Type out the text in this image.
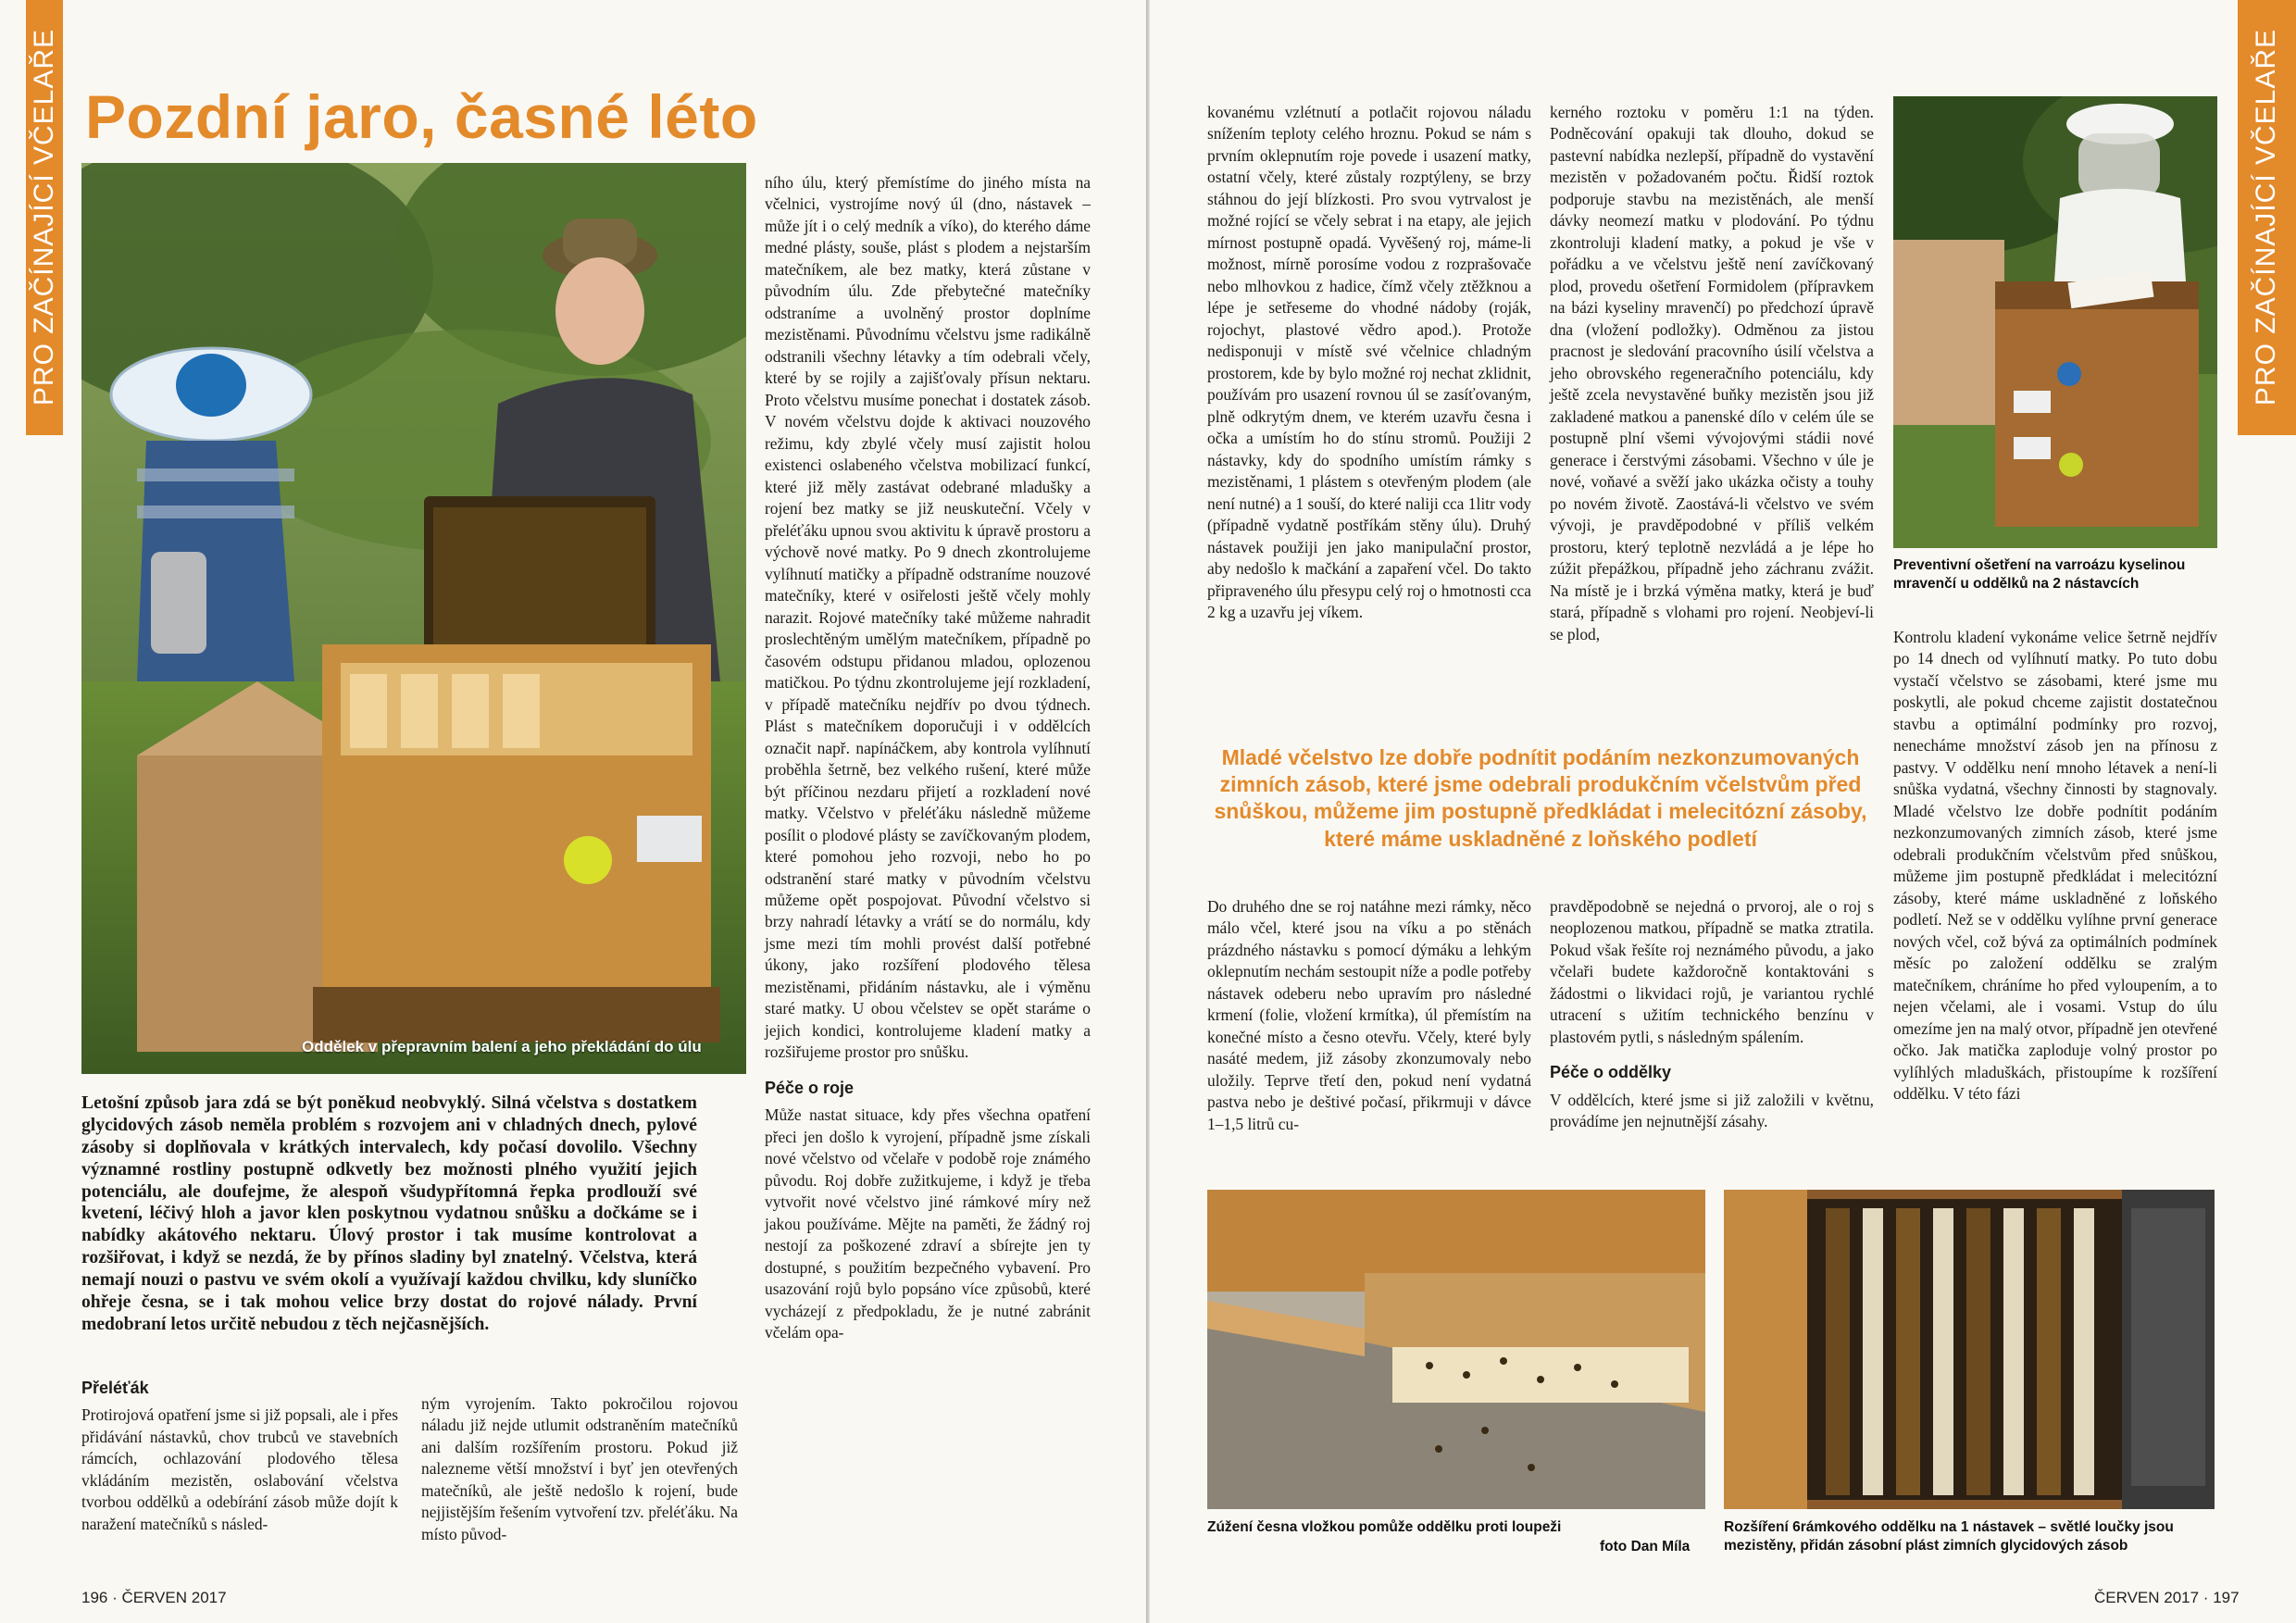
PRO ZAČÍNAJÍCÍ VČELAŘE Pozdní jaro, časné léto
Oddělek v přepravním balení a jeho překládání do úlu
Letošní způsob jara zdá se být poněkud neobvyklý. Silná včelstva s dostatkem glycidových zásob neměla problém s rozvojem ani v chladných dnech, pylové zásoby si doplňovala v krátkých intervalech, kdy počasí dovolilo. Všechny významné rostliny postupně odkvetly bez možnosti plného využití jejich potenciálu, ale doufejme, že alespoň všudypřítomná řepka prodlouží své kvetení, léčivý hloh a javor klen poskytnou vydatnou snůšku a dočkáme se i nabídky akátového nektaru. Úlový prostor i tak musíme kontrolovat a rozšiřovat, i když se nezdá, že by přínos sladiny byl znatelný. Včelstva, která nemají nouzi o pastvu ve svém okolí a využívají každou chvilku, kdy sluníčko ohřeje česna, se i tak mohou velice brzy dostat do rojové nálady. První medobraní letos určitě nebudou z těch nejčasnějších.
Přeléťák

Protirojová opatření jsme si již popsali, ale i přes přidávání nástavků, chov trubců ve stavebních rámcích, ochlazování plodového tělesa vkládáním mezistěn, oslabování včelstva tvorbou oddělků a odebírání zásob může dojít k naražení matečníků s násled-

ným vyrojením. Takto pokročilou rojovou náladu již nejde utlumit odstraněním matečníků ani dalším rozšířením prostoru. Pokud již nalezneme větší množství i byť jen otevřených matečníků, ale ještě nedošlo k rojení, bude nejjistějším řešením vytvoření tzv. přeléťáku. Na místo původ-

ního úlu, který přemístíme do jiného místa na včelnici, vystrojíme nový úl (dno, nástavek – může jít i o celý medník a víko), do kterého dáme medné plásty, souše, plást s plodem a nejstarším matečníkem, ale bez matky, která zůstane v původním úlu. Zde přebytečné matečníky odstraníme a uvolněný prostor doplníme mezistěnami. Původnímu včelstvu jsme radikálně odstranili všechny létavky a tím odebrali včely, které by se rojily a zajišťovaly přísun nektaru. Proto včelstvu musíme ponechat i dostatek zásob. V novém včelstvu dojde k aktivaci nouzového režimu, kdy zbylé včely musí zajistit holou existenci oslabeného včelstva mobilizací funkcí, které již měly zastávat odebrané mladušky a rojení bez matky se již neuskuteční. Včely v přeléťáku upnou svou aktivitu k úpravě prostoru a výchově nové matky. Po 9 dnech zkontrolujeme vylíhnutí matičky a případně odstraníme nouzové matečníky, které v osiřelosti ještě včely mohly narazit. Rojové matečníky také můžeme nahradit proslechtěným umělým matečníkem, případně po časovém odstupu přidanou mladou, oplozenou matičkou. Po týdnu zkontrolujeme její rozkladení, v případě matečníku nejdřív po dvou týdnech. Plást s matečníkem doporučuji i v oddělcích označit např. napínáčkem, aby kontrola vylíhnutí proběhla šetrně, bez velkého rušení, které může být příčinou nezdaru přijetí a rozkladení nové matky. Včelstvo v přeléťáku následně můžeme posílit o plodové plásty se zavíčkovaným plodem, které pomohou jeho rozvoji, nebo ho po odstranění staré matky v původním včelstvu můžeme opět pospojovat. Původní včelstvo si brzy nahradí létavky a vrátí se do normálu, kdy jsme mezi tím mohli provést další potřebné úkony, jako rozšíření plodového tělesa mezistěnami, přidáním nástavku, ale i výměnu staré matky. U obou včelstev se opět staráme o jejich kondici, kontrolujeme kladení matky a rozšiřujeme prostor pro snůšku.

Péče o roje

Může nastat situace, kdy přes všechna opatření přeci jen došlo k vyrojení, případně jsme získali nové včelstvo od včelaře v podobě roje známého původu. Roj dobře zužitkujeme, i když je třeba vytvořit nové včelstvo jiné rámkové míry než jakou používáme. Mějte na paměti, že žádný roj nestojí za poškozené zdraví a sbírejte jen ty dostupné, s použitím bezpečného vybavení. Pro usazování rojů bylo popsáno více způsobů, které vycházejí z předpokladu, že je nutné zabránit včelám opa-

196 · ČERVEN 2017
PRO ZAČÍNAJÍCÍ VČELAŘE

kovanému vzlétnutí a potlačit rojovou náladu snížením teploty celého hroznu. Pokud se nám s prvním oklepnutím roje povede i usazení matky, ostatní včely, které zůstaly rozptýleny, se brzy stáhnou do její blízkosti. Pro svou vytrvalost je možné rojící se včely sebrat i na etapy, ale jejich mírnost postupně opadá. Vyvěšený roj, máme-li možnost, mírně porosíme vodou z rozprašovače nebo mlhovkou z hadice, čímž včely ztěžknou a lépe je setřeseme do vhodné nádoby (roják, rojochyt, plastové vědro apod.). Protože nedisponuji v místě své včelnice chladným prostorem, kde by bylo možné roj nechat zklidnit, používám pro usazení rovnou úl se zasíťovaným, plně odkrytým dnem, ve kterém uzavřu česna i očka a umístím ho do stínu stromů. Použiji 2 nástavky, kdy do spodního umístím rámky s mezistěnami, 1 plástem s otevřeným plodem (ale není nutné) a 1 souší, do které naliji cca 1litr vody (případně vydatně postříkám stěny úlu). Druhý nástavek použiji jen jako manipulační prostor, aby nedošlo k mačkání a zapaření včel. Do takto připraveného úlu přesypu celý roj o hmotnosti cca 2 kg a uzavřu jej víkem.

kerného roztoku v poměru 1:1 na týden. Podněcování opakuji tak dlouho, dokud se pastevní nabídka nezlepší, případně do vystavění mezistěn v požadovaném počtu. Řidší roztok podporuje stavbu na mezistěnách, ale menší dávky neomezí matku v plodování. Po týdnu zkontroluji kladení matky, a pokud je vše v pořádku a ve včelstvu ještě není zavíčkovaný plod, provedu ošetření Formidolem (přípravkem na bázi kyseliny mravenčí) po předchozí úpravě dna (vložení podložky). Odměnou za jistou pracnost je sledování pracovního úsilí včelstva a jeho obrovského regeneračního potenciálu, kdy ještě zcela nevystavěné buňky mezistěn jsou již zakladené matkou a panenské dílo v celém úle se postupně plní všemi vývojovými stádii nové generace i čerstvými zásobami. Všechno v úle je nové, voňavé a svěží jako ukázka očisty a touhy po novém životě. Zaostává-li včelstvo ve svém vývoji, je pravděpodobné v příliš velkém prostoru, který teplotně nezvládá a je lépe ho zúžit přepážkou, případně jeho záchranu zvážit. Na místě je i brzká výměna matky, která je buď stará, případně s vlohami pro rojení. Neobjeví-li se plod,

Preventivní ošetření na varroázu kyselinou mravenčí u oddělků na 2 nástavcích

Kontrolu kladení vykonáme velice šetrně nejdřív po 14 dnech od vylíhnutí matky. Po tuto dobu vystačí včelstvo se zásobami, které jsme mu poskytli, ale pokud chceme zajistit dostatečnou stavbu a optimální podmínky pro rozvoj, nenecháme množství zásob jen na přínosu z pastvy. V oddělku není mnoho létavek a není-li snůška vydatná, všechny činnosti by stagnovaly. Mladé včelstvo lze dobře podnítit podáním nezkonzumovaných zimních zásob, které jsme odebrali produkčním včelstvům před snůškou, můžeme jim postupně předkládat i melecitózní zásoby, které máme uskladněné z loňského podletí. Než se v oddělku vylíhne první generace nových včel, což bývá za optimálních podmínek měsíc po založení oddělku se zralým matečníkem, chráníme ho před vyloupením, a to nejen včelami, ale i vosami. Vstup do úlu omezíme jen na malý otvor, případně jen otevřené očko. Jak matička zaploduje volný prostor po vylíhlých mladuškách, přistoupíme k rozšíření oddělku. V této fázi

Mladé včelstvo lze dobře podnítit podáním nezkonzumovaných zimních zásob, které jsme odebrali produkčním včelstvům před snůškou, můžeme jim postupně předkládat i melecitózní zásoby, které máme uskladněné z loňského podletí

Do druhého dne se roj natáhne mezi rámky, něco málo včel, které jsou na víku a po stěnách prázdného nástavku s pomocí dýmáku a lehkým oklepnutím nechám sestoupit níže a podle potřeby nástavek odeberu nebo upravím pro následné krmení (folie, vložení krmítka), úl přemístím na konečné místo a česno otevřu. Včely, které byly nasáté medem, již zásoby zkonzumovaly nebo uložily. Teprve třetí den, pokud není vydatná pastva nebo je deštivé počasí, přikrmuji v dávce 1–1,5 litrů cu-

pravděpodobně se nejedná o prvoroj, ale o roj s neoplozenou matkou, případně se matka ztratila. Pokud však řešíte roj neznámého původu, a jako včelaři budete každoročně kontaktováni s žádostmi o likvidaci rojů, je variantou rychlé utracení s užitím technického benzínu v plastovém pytli, s následným spálením.

Péče o oddělky

V oddělcích, které jsme si již založili v květnu, provádíme jen nejnutnější zásahy.

Zúžení česna vložkou pomůže oddělku proti loupeži
foto Dan Míla
Rozšíření 6rámkového oddělku na 1 nástavek – světlé loučky jsou mezistěny, přidán zásobní plást zimních glycidových zásob
ČERVEN 2017 · 197
